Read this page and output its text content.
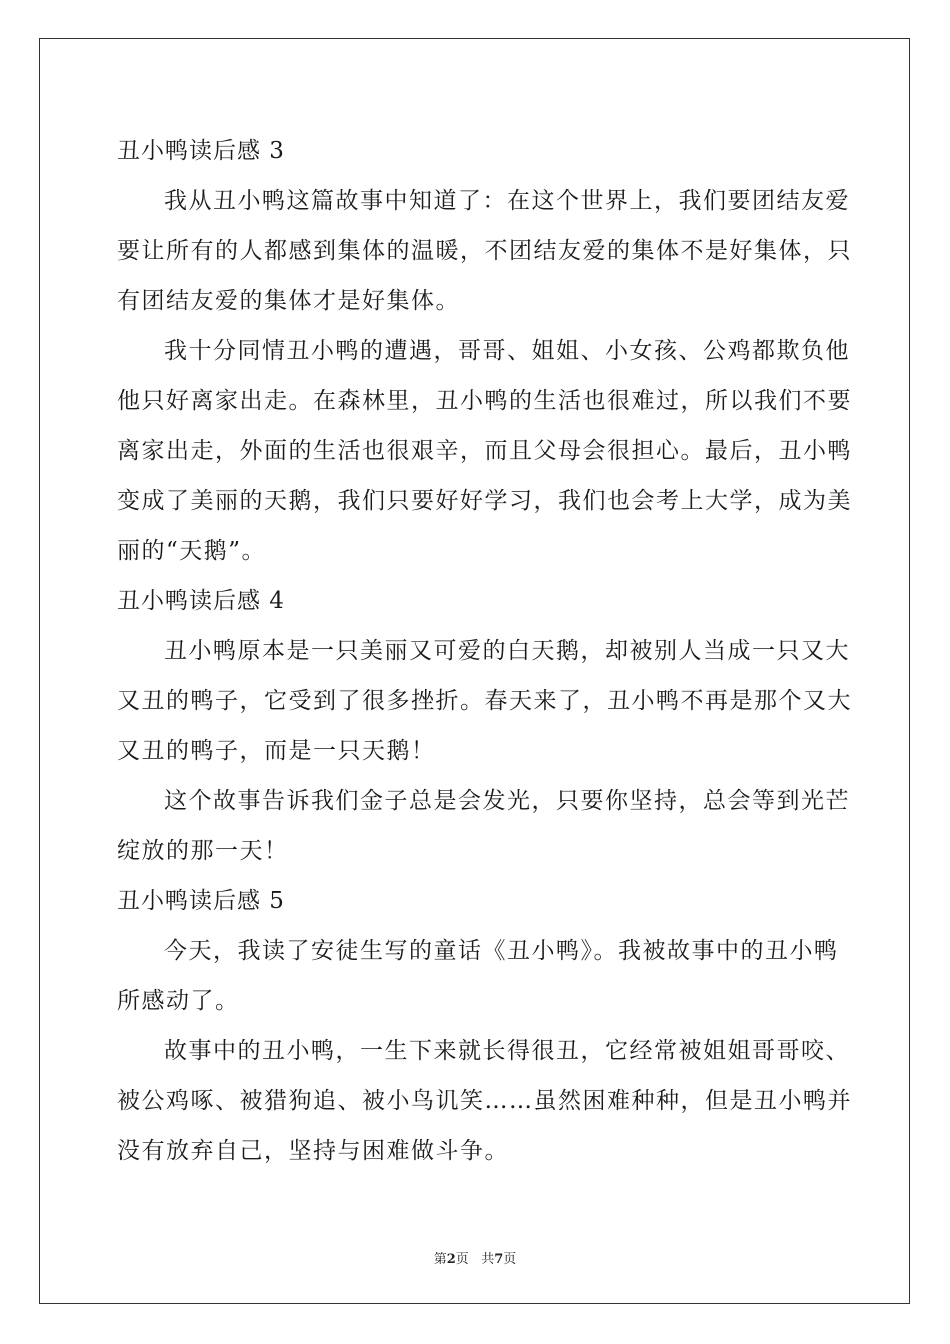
丑小鸭读后感 3
我从丑小鸭这篇故事中知道了：在这个世界上，我们要团结友爱
要让所有的人都感到集体的温暖，不团结友爱的集体不是好集体，只
有团结友爱的集体才是好集体。
我十分同情丑小鸭的遭遇，哥哥、姐姐、小女孩、公鸡都欺负他
他只好离家出走。在森林里，丑小鸭的生活也很难过，所以我们不要
离家出走，外面的生活也很艰辛，而且父母会很担心。最后，丑小鸭
变成了美丽的天鹅，我们只要好好学习，我们也会考上大学，成为美
丽的“天鹅”。
丑小鸭读后感 4
丑小鸭原本是一只美丽又可爱的白天鹅，却被别人当成一只又大
又丑的鸭子，它受到了很多挫折。春天来了，丑小鸭不再是那个又大
又丑的鸭子，而是一只天鹅！
这个故事告诉我们金子总是会发光，只要你坚持，总会等到光芒
绽放的那一天！
丑小鸭读后感 5
今天，我读了安徒生写的童话《丑小鸭》。我被故事中的丑小鸭
所感动了。
故事中的丑小鸭，一生下来就长得很丑，它经常被姐姐哥哥咬、
被公鸡啄、被猎狗追、被小鸟讥笑……虽然困难种种，但是丑小鸭并
没有放弃自己，坚持与困难做斗争。
第2页 共7页
